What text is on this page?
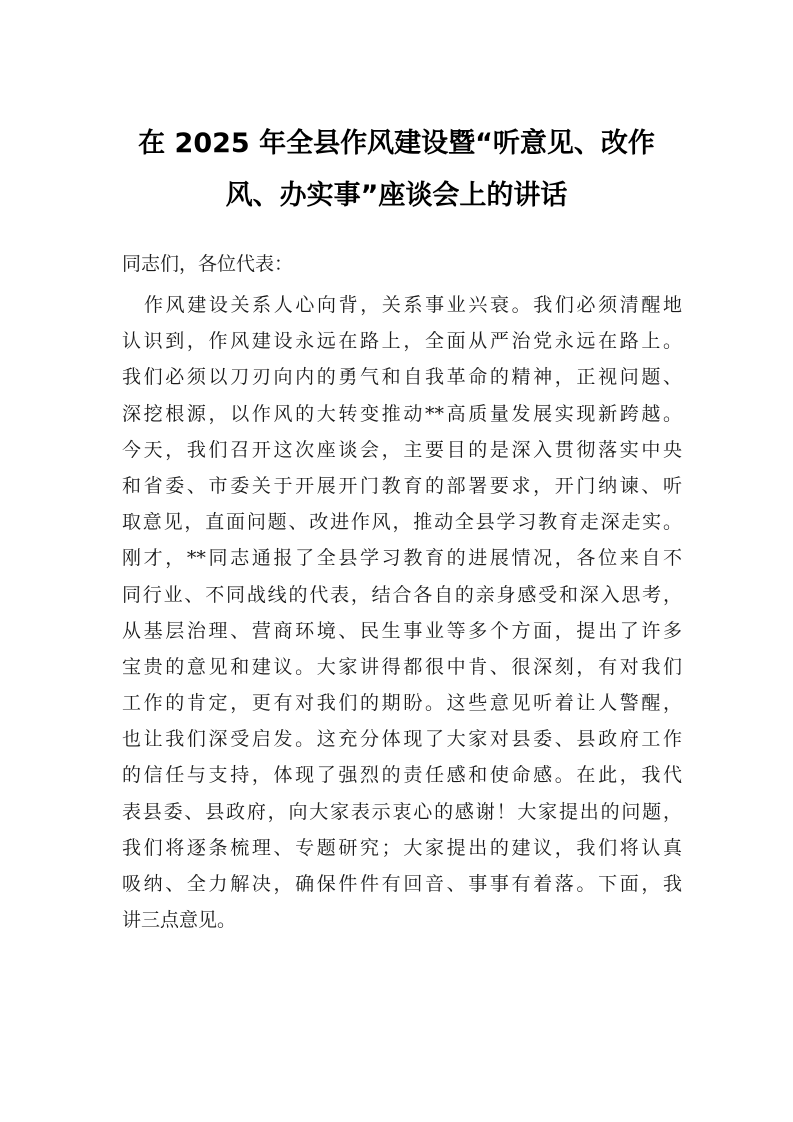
在 2025 年全县作风建设暨“听意见、改作
风、办实事”座谈会上的讲话
同志们，各位代表：
作风建设关系人心向背，关系事业兴衰。我们必须清醒地
认识到，作风建设永远在路上，全面从严治党永远在路上。
我们必须以刀刃向内的勇气和自我革命的精神，正视问题、
深挖根源，以作风的大转变推动**高质量发展实现新跨越。
今天，我们召开这次座谈会，主要目的是深入贯彻落实中央
和省委、市委关于开展开门教育的部署要求，开门纳谏、听
取意见，直面问题、改进作风，推动全县学习教育走深走实。
刚才，**同志通报了全县学习教育的进展情况，各位来自不
同行业、不同战线的代表，结合各自的亲身感受和深入思考，
从基层治理、营商环境、民生事业等多个方面，提出了许多
宝贵的意见和建议。大家讲得都很中肯、很深刻，有对我们
工作的肯定，更有对我们的期盼。这些意见听着让人警醒，
也让我们深受启发。这充分体现了大家对县委、县政府工作
的信任与支持，体现了强烈的责任感和使命感。在此，我代
表县委、县政府，向大家表示衷心的感谢！大家提出的问题，
我们将逐条梳理、专题研究；大家提出的建议，我们将认真
吸纳、全力解决，确保件件有回音、事事有着落。下面，我
讲三点意见。
